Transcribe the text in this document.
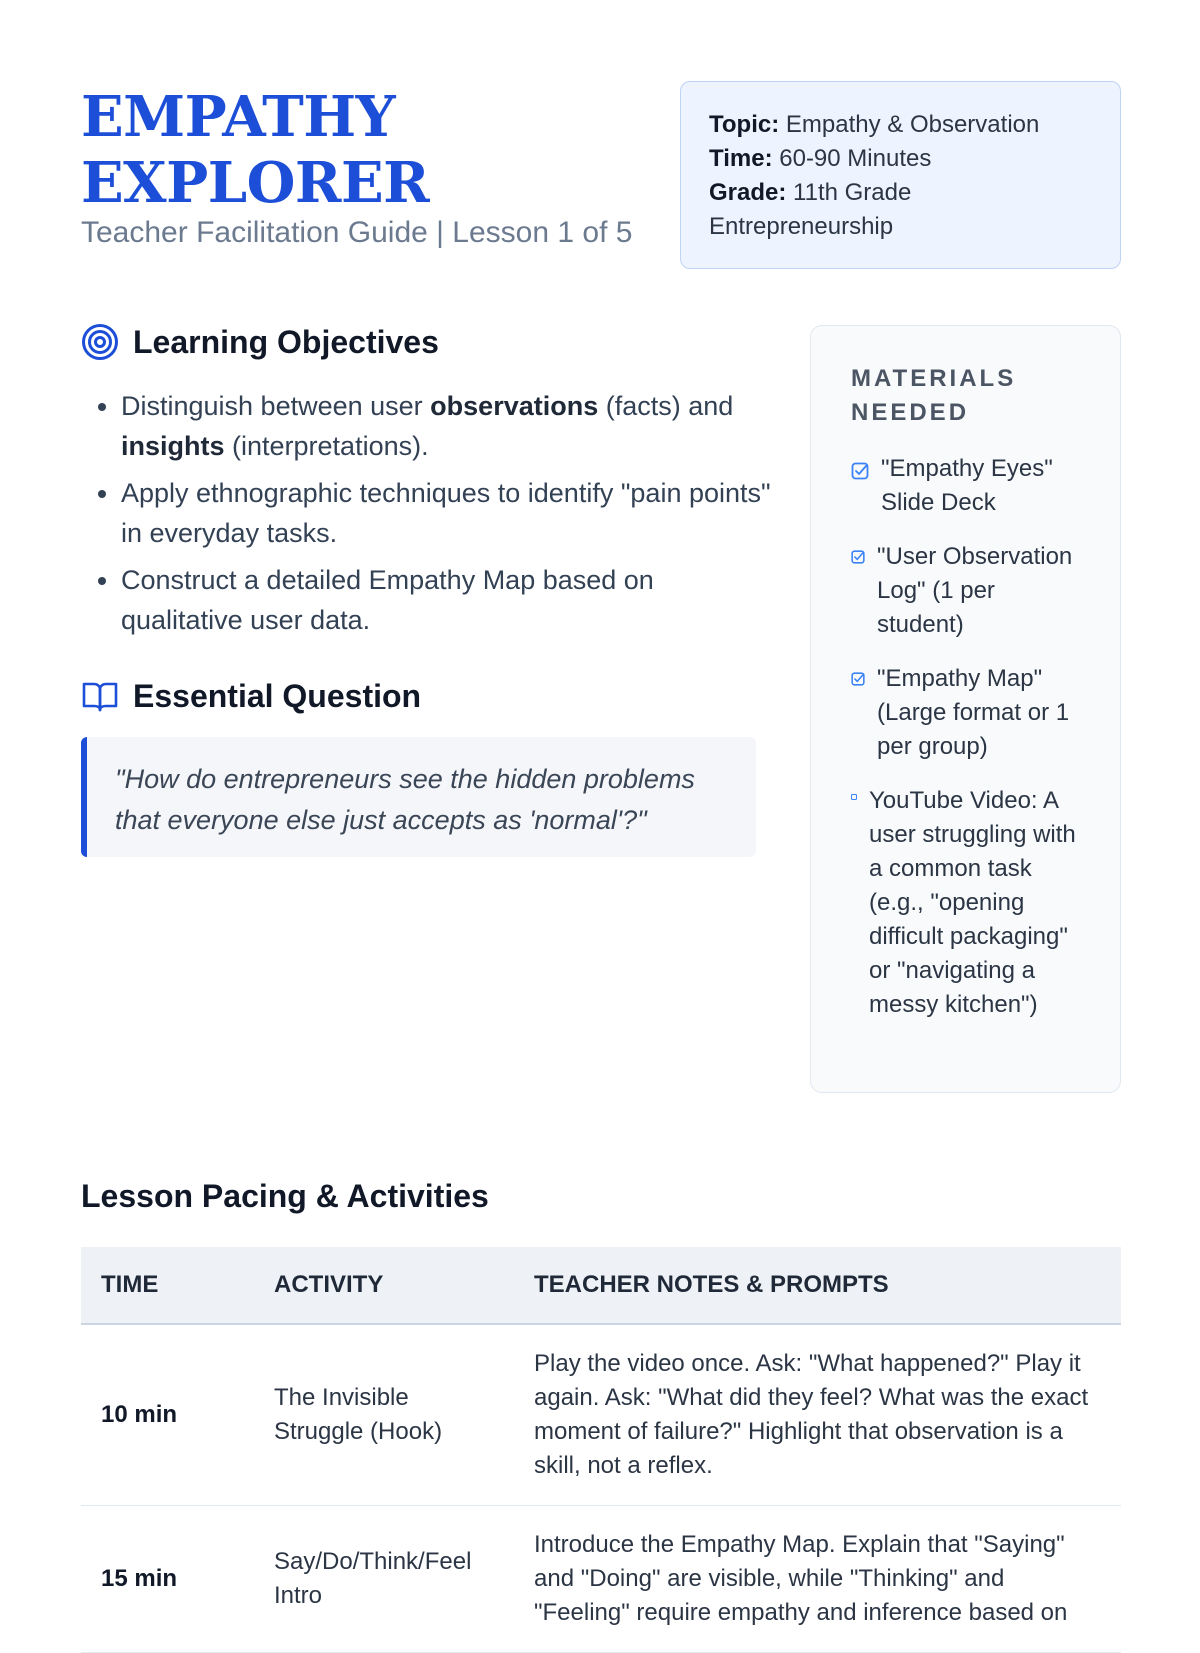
EMPATHY
EXPLORER
Teacher Facilitation Guide | Lesson 1 of 5
Topic: Empathy & Observation
Time: 60-90 Minutes
Grade: 11th Grade Entrepreneurship
Learning Objectives
• Distinguish between user observations (facts) and insights (interpretations).
• Apply ethnographic techniques to identify "pain points" in everyday tasks.
• Construct a detailed Empathy Map based on qualitative user data.
Essential Question
"How do entrepreneurs see the hidden problems that everyone else just accepts as 'normal'?"
MATERIALS NEEDED
"Empathy Eyes" Slide Deck
"User Observation Log" (1 per student)
"Empathy Map" (Large format or 1 per group)
YouTube Video: A user struggling with a common task (e.g., "opening difficult packaging" or "navigating a messy kitchen")
Lesson Pacing & Activities
TIME	ACTIVITY	TEACHER NOTES & PROMPTS
10 min	The Invisible Struggle (Hook)	Play the video once. Ask: "What happened?" Play it again. Ask: "What did they feel? What was the exact moment of failure?" Highlight that observation is a skill, not a reflex.
15 min	Say/Do/Think/Feel Intro	Introduce the Empathy Map. Explain that "Saying" and "Doing" are visible, while "Thinking" and "Feeling" require empathy and inference based on
